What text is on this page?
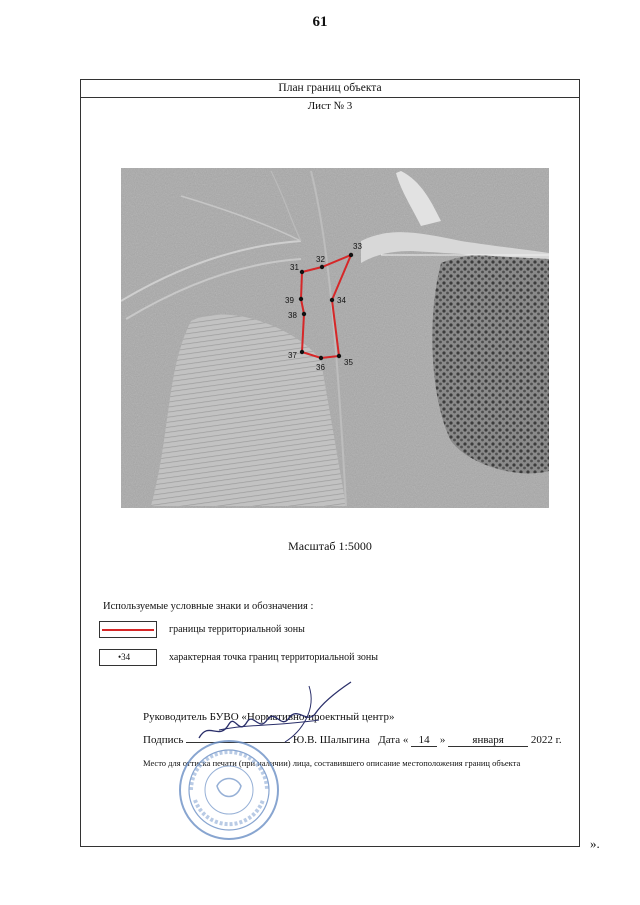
61
План границ объекта
Лист № 3
31
32
33
34
35
36
37
38
39
Масштаб 1:5000
Используемые условные знаки и обозначения :
границы территориальной зоны
•34	характерная точка границ территориальной зоны
Руководитель БУВО «Нормативно-проектный центр»
Подпись	Ю.В. Шалыгина Дата « 14 » января 2022 г.
Место для оттиска печати (при наличии) лица, составившего описание местоположения границ объекта
».
